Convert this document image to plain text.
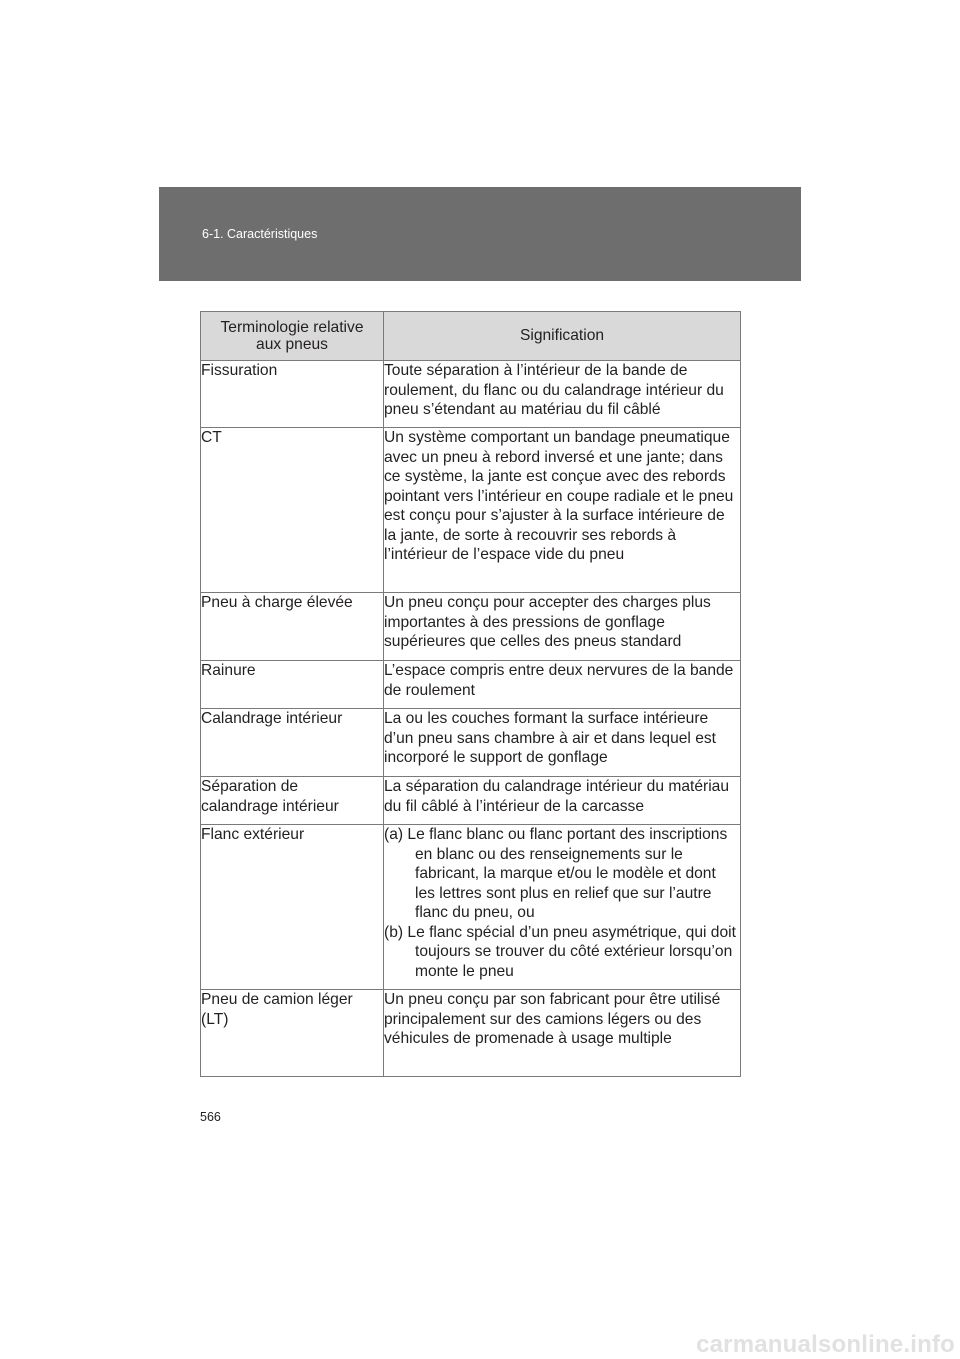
6-1. Caractéristiques
Terminologie relative aux pneus	Signification
Fissuration	Toute séparation à l’intérieur de la bande de roulement, du flanc ou du calandrage intérieur du pneu s’étendant au matériau du fil câblé
CT	Un système comportant un bandage pneumatique avec un pneu à rebord inversé et une jante; dans ce système, la jante est conçue avec des rebords pointant vers l’intérieur en coupe radiale et le pneu est conçu pour s’ajuster à la surface intérieure de la jante, de sorte à recouvrir ses rebords à l’intérieur de l’espace vide du pneu
Pneu à charge élevée	Un pneu conçu pour accepter des charges plus importantes à des pressions de gonflage supérieures que celles des pneus standard
Rainure	L’espace compris entre deux nervures de la bande de roulement
Calandrage intérieur	La ou les couches formant la surface intérieure d’un pneu sans chambre à air et dans lequel est incorporé le support de gonflage
Séparation de calandrage intérieur	La séparation du calandrage intérieur du matériau du fil câblé à l’intérieur de la carcasse
Flanc extérieur	(a) Le flanc blanc ou flanc portant des inscriptions en blanc ou des renseignements sur le fabricant, la marque et/ou le modèle et dont les lettres sont plus en relief que sur l’autre flanc du pneu, ou
(b) Le flanc spécial d’un pneu asymétrique, qui doit toujours se trouver du côté extérieur lorsqu’on monte le pneu

Pneu de camion léger (LT)	Un pneu conçu par son fabricant pour être utilisé principalement sur des camions légers ou des véhicules de promenade à usage multiple
566
carmanualsonline.info
